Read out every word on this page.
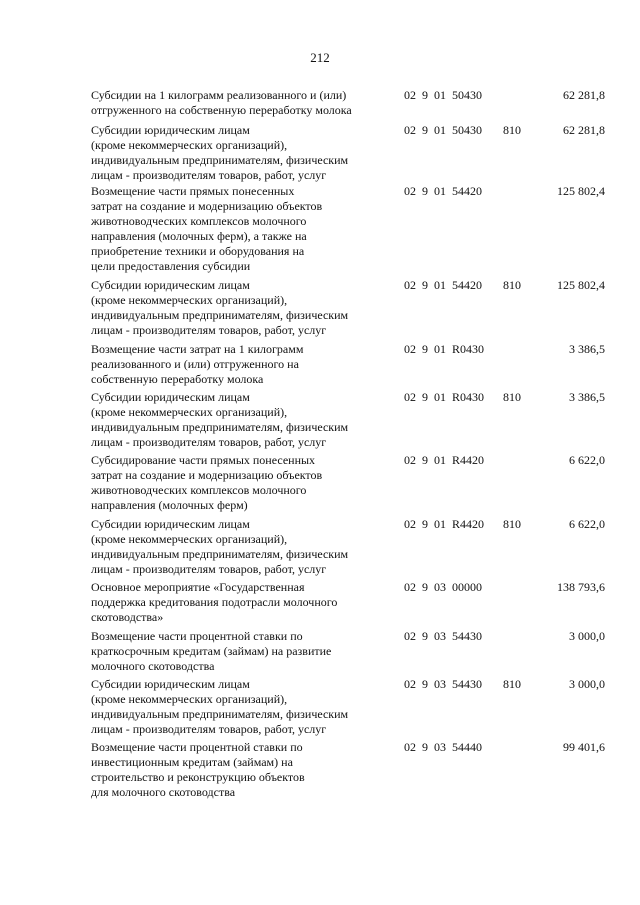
212
Субсидии на 1 килограмм реализованного и (или)
отгруженного на собственную переработку молока
02  9  01  50430	62 281,8
Субсидии юридическим лицам
(кроме некоммерческих организаций),
индивидуальным предпринимателям, физическим
лицам - производителям товаров, работ, услуг
02  9  01  50430 810	62 281,8
Возмещение части прямых понесенных
затрат на создание и модернизацию объектов
животноводческих комплексов молочного
направления (молочных ферм), а также на
приобретение техники и оборудования на
цели предоставления субсидии
02  9  01  54420	125 802,4
Субсидии юридическим лицам
(кроме некоммерческих организаций),
индивидуальным предпринимателям, физическим
лицам - производителям товаров, работ, услуг
02  9  01  54420 810	125 802,4
Возмещение части затрат на 1 килограмм
реализованного и (или) отгруженного на
собственную переработку молока
02  9  01  R0430	3 386,5
Субсидии юридическим лицам
(кроме некоммерческих организаций),
индивидуальным предпринимателям, физическим
лицам - производителям товаров, работ, услуг
02  9  01  R0430 810	3 386,5
Субсидирование части прямых понесенных
затрат на создание и модернизацию объектов
животноводческих комплексов молочного
направления (молочных ферм)
02  9  01  R4420	6 622,0
Субсидии юридическим лицам
(кроме некоммерческих организаций),
индивидуальным предпринимателям, физическим
лицам - производителям товаров, работ, услуг
02  9  01  R4420 810	6 622,0
Основное мероприятие «Государственная
поддержка кредитования подотрасли молочного
скотоводства»
02  9  03  00000	138 793,6
Возмещение части процентной ставки по
краткосрочным кредитам (займам) на развитие
молочного скотоводства
02  9  03  54430	3 000,0
Субсидии юридическим лицам
(кроме некоммерческих организаций),
индивидуальным предпринимателям, физическим
лицам - производителям товаров, работ, услуг
02  9  03  54430 810	3 000,0
Возмещение части процентной ставки по
инвестиционным кредитам (займам) на
строительство и реконструкцию объектов
для молочного скотоводства
02  9  03  54440	99 401,6
